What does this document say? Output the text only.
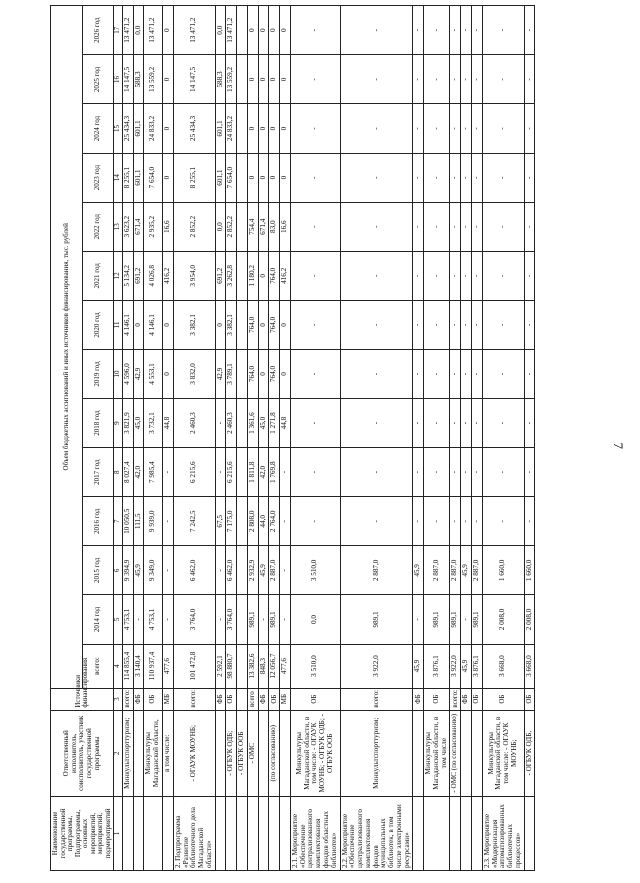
7
Наименование государственной программы, Подпрограммы, основных мероприятий, мероприятий, подмероприятий	Ответственный исполнитель, соисполнитель, участник государственной программы	Источники финансирования	Объем бюджетных ассигнований и иных источников финансирования, тыс. рублей													
			всего:	2014 год	2015 год	2016 год	2017 год	2018 год	2019 год	2020 год	2021 год	2022 год	2023 год	2024 год	2025 год	2026 год
1	2	3	4	5	6	7	8	9	10	11	12	13	14	15	16	17
	Минкультспорттуризм;	всего:	114 855,4	4 753,1	9 394,9	10 050,5	8 027,4	3 821,9	4 596,0	4 146,1	5 134,2	3 623,2	8 255,1	25 434,3	14 147,5	13 471,2
		ФБ	3 140,4	-	45,9	111,5	42,0	45,0	42,9	0	691,2	671,4	601,1	601,1	588,3	0,0
	Минкультуры Магаданской области,	ОБ	110 937,4	4 753,1	9 349,0	9 939,0	7 985,4	3 732,1	4 553,1	4 146,1	4 026,8	2 935,2	7 654,0	24 833,2	13 559,2	13 471,2
	в том числе:	МБ	477,6	-	-	-	-	44,8	0	0	416,2	16,6	0	0	0	0
2. Подпрограмма «Развитие библиотечного дела Магаданской области»	- ОГАУК МОУНБ;	всего:	101 472,8	3 764,0	6 462,0	7 242,5	6 215,6	2 460,3	3 832,0	3 382,1	3 954,0	2 852,2	8 255,1	25 434,3	14 147,5	13 471,2
		ФБ	2 592,1	-	-	67,5	-	-	42,9	0	691,2	0,0	601,1	601,1	588,3	0,0
	- ОГБУК ОДБ;	ОБ	98 880,7	3 764,0	6 462,0	7 175,0	6 215,6	2 460,3	3 789,1	3 382,1	3 262,8	2 852,2	7 654,0	24 833,2	13 559,2	13 471,2
	- ОГБУК ООБ															
	- ОМС	всего	13 382,6	989,1	2 932,9	2 808,0	1 811,8	1 361,6	764,0	764,0	1 180,2	754,4	0	0	0	0
		ФБ	848,3	-	45,9	44,0	42,0	45,0	0	0	0	671,4	0	0	0	0
	(по согласованию)	ОБ	12 056,7	989,1	2 887,0	2 764,0	1 769,8	1 271,8	764,0	764,0	764,0	83,0	0	0	0	0
		МБ	477,6	-	-	-	-	44,8	0	0	416,2	16,6	0	0	0	0
2.1. Мероприятие «Обеспечение централизованного комплектования фондов областных библиотек»	Минкультуры Магаданской области, в том числе: - ОГАУК МОУНБ; - ОГБУК ОДБ; - ОГБУК ООБ	ОБ	3 510,0	0,0	3 510,0	-	-	-	-	-	-	-	-	-	-	-
2.2. Мероприятие «Обеспечение централизованного комплектования фондов муниципальных библиотек, в том числе электронными ресурсами»	Минкультспорттуризм;	всего:	3 922,0	989,1	2 887,0	-	-	-	-	-	-	-	-	-	-	-
		ФБ	45,9	-	45,9	-	-	-	-	-	-	-	-	-	-	-
	Минкультуры Магаданской области, в том числе	ОБ	3 876,1	989,1	2 887,0	-	-	-	-	-	-	-	-	-	-	-
	- ОМС (по согласованию)	всего:	3 922,0	989,1	2 887,0	-	-	-	-	-	-	-	-	-	-	-
		ФБ	45,9	-	45,9	-	-	-	-	-	-	-	-	-	-	-
		ОБ	3 876,1	989,1	2 887,0	-	-	-	-	-	-	-	-	-	-	-
2.3. Мероприятие «Модернизация автоматизированных библиотечных процессов»	Минкультуры Магаданской области, в том числе: - ОГАУК МОУНБ;	ОБ	3 668,0	2 008,0	1 660,0	-	-	-	-	-	-	-	-	-	-	-
	- ОГБУК ОДБ,	ОБ	3 668,0	2 008,0	1 660,0	-	-	-	-	-	-	-	-	-	-	-
